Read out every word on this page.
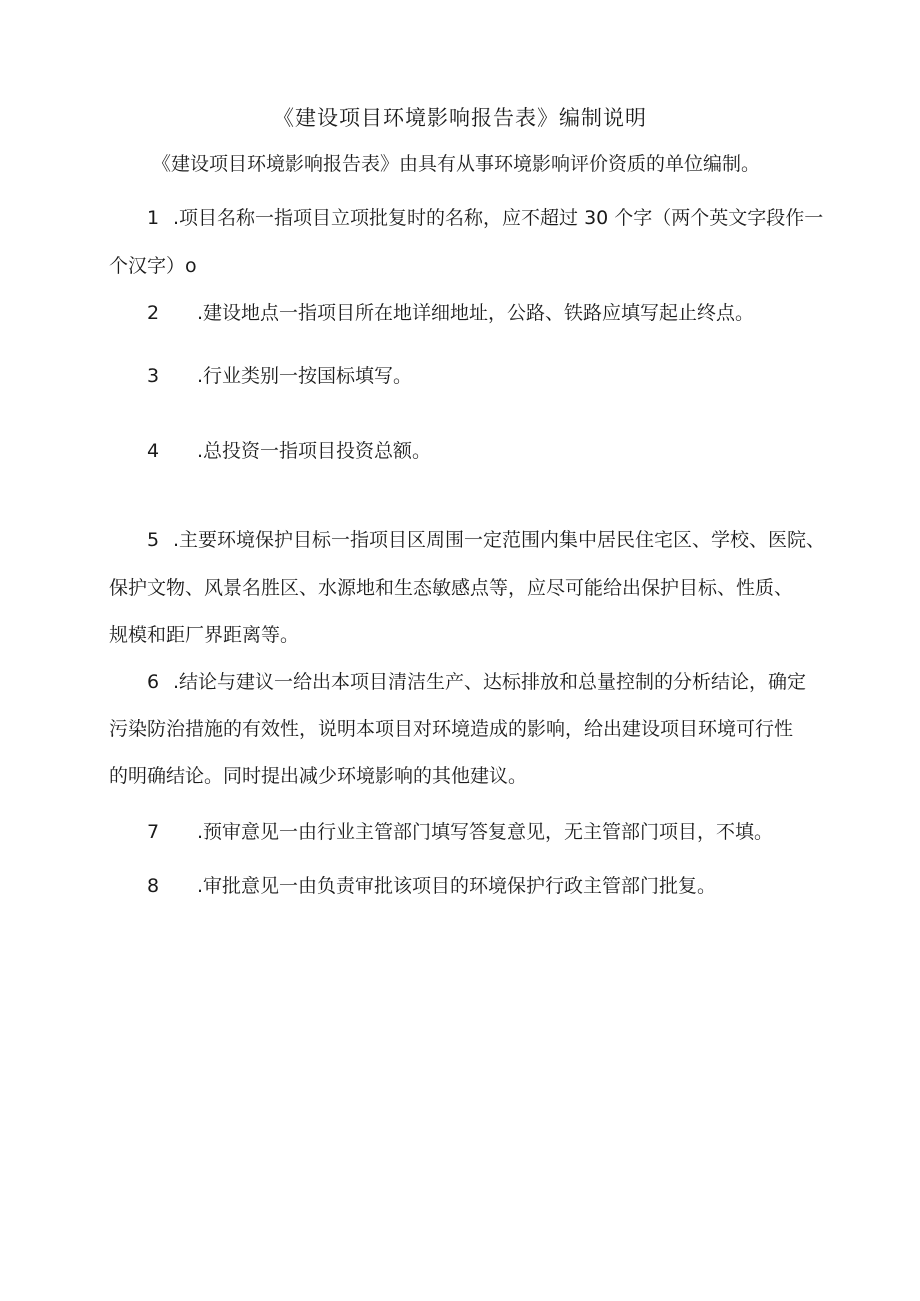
《建设项目环境影响报告表》编制说明
《建设项目环境影响报告表》由具有从事环境影响评价资质的单位编制。
1 .项目名称一指项目立项批复时的名称，应不超过 30 个字（两个英文字段作一
个汉字）o
2 .建设地点一指项目所在地详细地址，公路、铁路应填写起止终点。
3 .行业类别一按国标填写。
4 .总投资一指项目投资总额。
5 .主要环境保护目标一指项目区周围一定范围内集中居民住宅区、学校、医院、
保护文物、风景名胜区、水源地和生态敏感点等，应尽可能给出保护目标、性质、
规模和距厂界距离等。
6 .结论与建议一给出本项目清洁生产、达标排放和总量控制的分析结论，确定
污染防治措施的有效性，说明本项目对环境造成的影响，给出建设项目环境可行性
的明确结论。同时提出减少环境影响的其他建议。
7 .预审意见一由行业主管部门填写答复意见，无主管部门项目，不填。
8 .审批意见一由负责审批该项目的环境保护行政主管部门批复。
